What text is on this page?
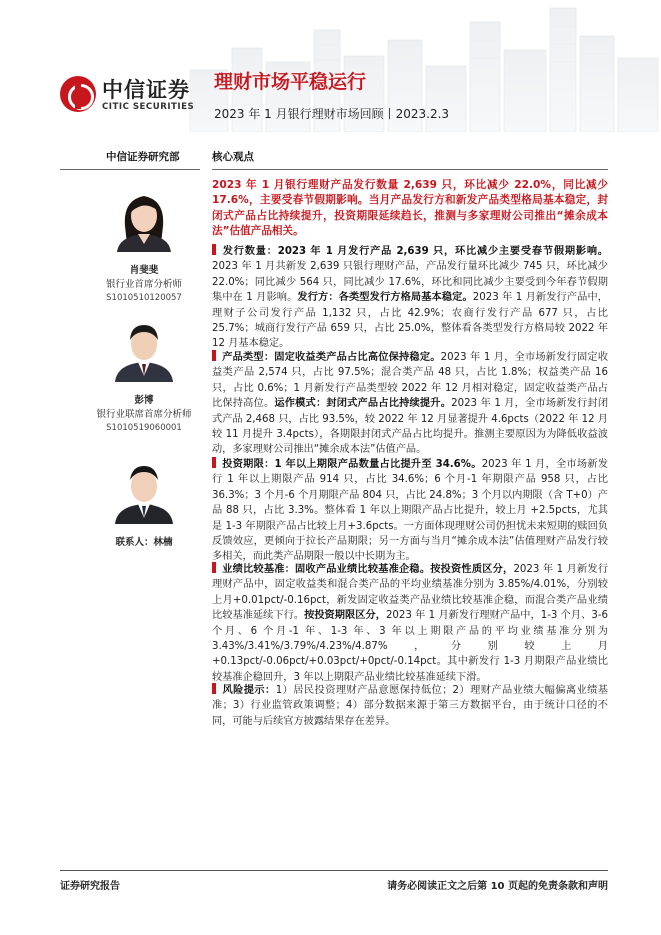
中信证券
CITIC SECURITIES
理财市场平稳运行
2023 年 1 月银行理财市场回顾丨2023.2.3
中信证券研究部	核心观点
肖斐斐
银行业首席分析师
S1010510120057
彭博
银行业联席首席分析师
S1010519060001
联系人：林楠
2023 年 1 月银行理财产品发行数量 2,639 只，环比减少 22.0%，同比减少 17.6%，主要受春节假期影响。当月产品发行方和新发产品类型格局基本稳定，封闭式产品占比持续提升，投资期限延续趋长，推测与多家理财公司推出“摊余成本法”估值产品相关。
发行数量：2023 年 1 月发行产品 2,639 只，环比减少主要受春节假期影响。2023 年 1 月共新发 2,639 只银行理财产品，产品发行量环比减少 745 只，环比减少 22.0%；同比减少 564 只，同比减少 17.6%，环比和同比减少主要受到今年春节假期集中在 1 月影响。发行方：各类型发行方格局基本稳定。2023 年 1 月新发行产品中，理财子公司发行产品 1,132 只，占比 42.9%；农商行发行产品 677 只，占比 25.7%；城商行发行产品 659 只，占比 25.0%，整体看各类型发行方格局较 2022 年 12 月基本稳定。
产品类型：固定收益类产品占比高位保持稳定。2023 年 1 月，全市场新发行固定收益类产品 2,574 只，占比 97.5%；混合类产品 48 只，占比 1.8%；权益类产品 16 只，占比 0.6%；1 月新发行产品类型较 2022 年 12 月相对稳定，固定收益类产品占比保持高位。运作模式：封闭式产品占比持续提升。2023 年 1 月，全市场新发行封闭式产品 2,468 只，占比 93.5%，较 2022 年 12 月显著提升 4.6pcts（2022 年 12 月较 11 月提升 3.4pcts），各期限封闭式产品占比均提升。推测主要原因为为降低收益波动，多家理财公司推出“摊余成本法”估值产品。
投资期限：1 年以上期限产品数量占比提升至 34.6%。2023 年 1 月，全市场新发行 1 年以上期限产品 914 只，占比 34.6%；6 个月-1 年期限产品 958 只，占比 36.3%；3 个月-6 个月期限产品 804 只，占比 24.8%；3 个月以内期限（含 T+0）产品 88 只，占比 3.3%。整体看 1 年以上期限产品占比提升，较上月 +2.5pcts，尤其是 1-3 年期限产品占比较上月+3.6pcts。一方面体现理财公司仍担忧未来短期的赎回负反馈效应，更倾向于拉长产品期限；另一方面与当月“摊余成本法”估值理财产品发行较多相关，而此类产品期限一般以中长期为主。
业绩比较基准：固收产品业绩比较基准企稳。按投资性质区分，2023 年 1 月新发行理财产品中，固定收益类和混合类产品的平均业绩基准分别为 3.85%/4.01%，分别较上月+0.01pct/-0.16pct，新发固定收益类产品业绩比较基准企稳，而混合类产品业绩比较基准延续下行。按投资期限区分，2023 年 1 月新发行理财产品中，1-3 个月、3-6 个月、6 个月-1 年、1-3 年、3 年以上期限产品的平均业绩基准分别为 3.43%/3.41%/3.79%/4.23%/4.87%，分别较上月 +0.13pct/-0.06pct/+0.03pct/+0pct/-0.14pct。其中新发行 1-3 月期限产品业绩比较基准企稳回升，3 年以上期限产品业绩比较基准延续下滑。
风险提示：1）居民投资理财产品意愿保持低位；2）理财产品业绩大幅偏离业绩基准；3）行业监管政策调整；4）部分数据来源于第三方数据平台，由于统计口径的不同，可能与后续官方披露结果存在差异。
证券研究报告	请务必阅读正文之后第 10 页起的免责条款和声明
